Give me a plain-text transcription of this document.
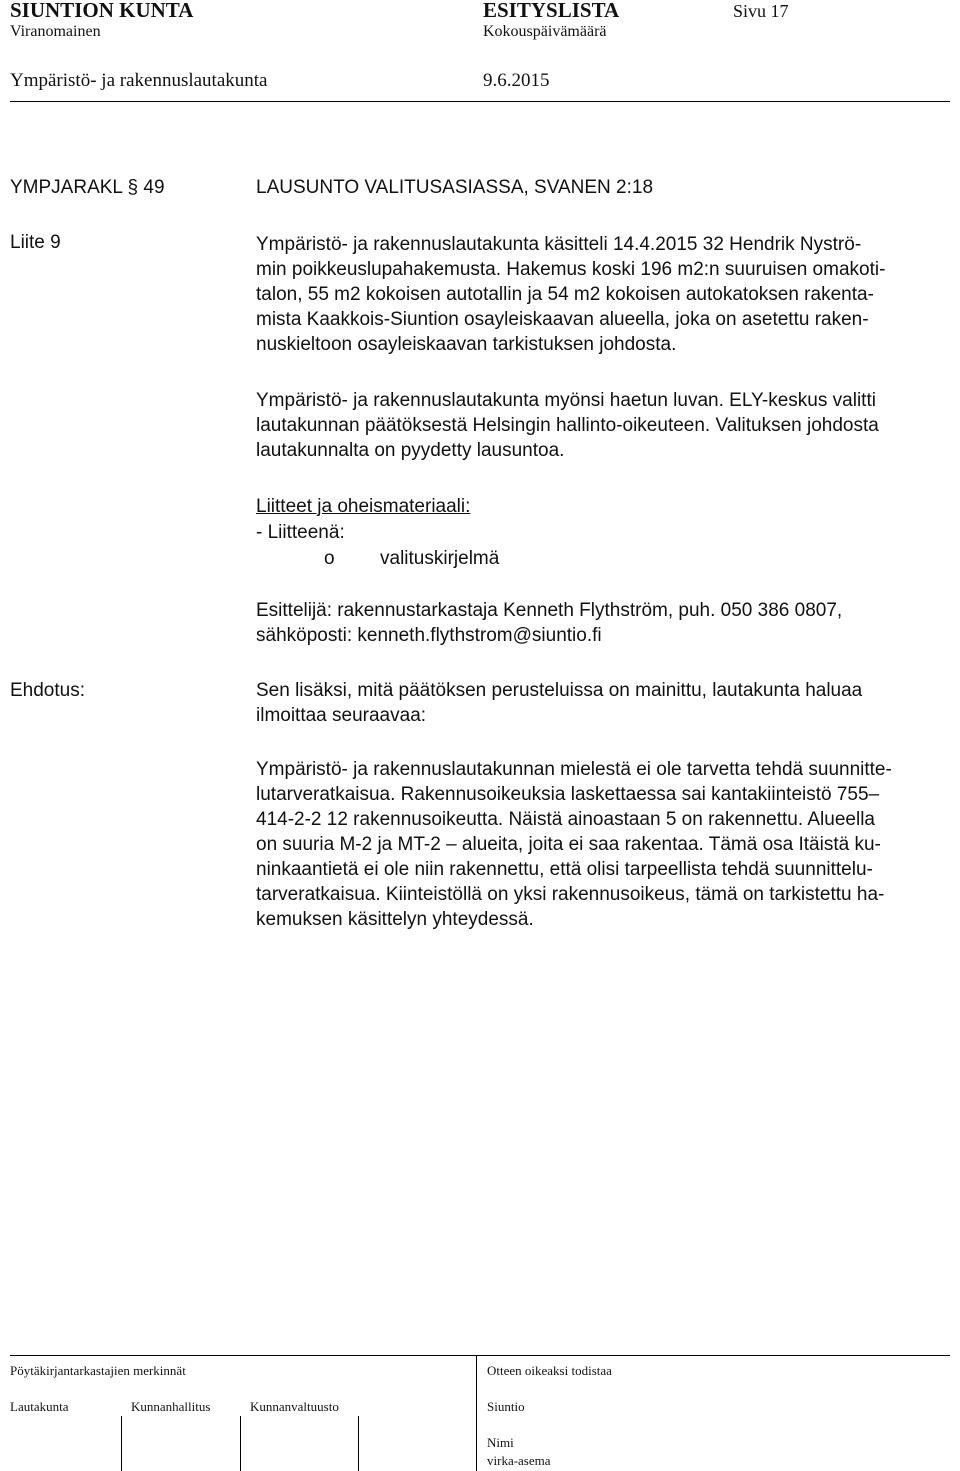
SIUNTION KUNTA	ESITYSLISTA	Sivu 17
Viranomainen	Kokouspäivämäärä
Ympäristö- ja rakennuslautakunta	9.6.2015
YMPJARAKL § 49	LAUSUNTO VALITUSASIASSA, SVANEN 2:18
Liite 9	Ympäristö- ja rakennuslautakunta käsitteli 14.4.2015 32 Hendrik Nyströ-
min poikkeuslupahakemusta. Hakemus koski 196 m2:n suuruisen omakoti-
talon, 55 m2 kokoisen autotallin ja 54 m2 kokoisen autokatoksen rakenta-
mista Kaakkois-Siuntion osayleiskaavan alueella, joka on asetettu raken-
nuskieltoon osayleiskaavan tarkistuksen johdosta.
Ympäristö- ja rakennuslautakunta myönsi haetun luvan. ELY-keskus valitti
lautakunnan päätöksestä Helsingin hallinto-oikeuteen. Valituksen johdosta
lautakunnalta on pyydetty lausuntoa.
Liitteet ja oheismateriaali:
- Liitteenä:
o valituskirjelmä
Esittelijä: rakennustarkastaja Kenneth Flythström, puh. 050 386 0807,
sähköposti: kenneth.flythstrom@siuntio.fi
Ehdotus:	Sen lisäksi, mitä päätöksen perusteluissa on mainittu, lautakunta haluaa
ilmoittaa seuraavaa:
Ympäristö- ja rakennuslautakunnan mielestä ei ole tarvetta tehdä suunnitte-
lutarveratkaisua. Rakennusoikeuksia laskettaessa sai kantakiinteistö 755–
414-2-2 12 rakennusoikeutta. Näistä ainoastaan 5 on rakennettu. Alueella
on suuria M-2 ja MT-2 – alueita, joita ei saa rakentaa. Tämä osa Itäistä ku-
ninkaantietä ei ole niin rakennettu, että olisi tarpeellista tehdä suunnittelu-
tarveratkaisua. Kiinteistöllä on yksi rakennusoikeus, tämä on tarkistettu ha-
kemuksen käsittelyn yhteydessä.
Pöytäkirjantarkastajien merkinnät	Otteen oikeaksi todistaa
Lautakunta	Kunnanhallitus	Kunnanvaltuusto	Siuntio
Nimi
virka-asema
